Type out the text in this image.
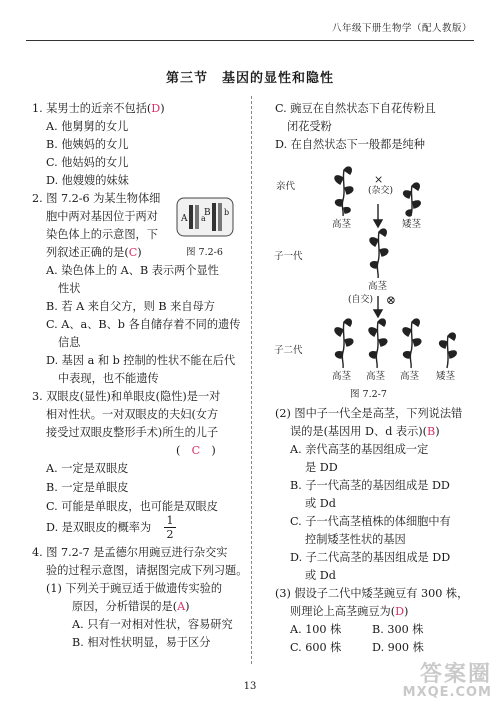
八年级下册生物学（配人教版）
第三节　基因的显性和隐性
1. 某男士的近亲不包括(D)
A. 他舅舅的女儿
B. 他姨妈的女儿
C. 他姑妈的女儿
D. 他嫂嫂的妹妹
2. 图 7.2-6 为某生物体细
胞中两对基因位于两对
染色体上的示意图，下
列叙述正确的是(C)
A a
B b
图 7.2-6
A. 染色体上的 A、B 表示两个显性
性状
B. 若 A 来自父方，则 B 来自母方
C. A、a、B、b 各自储存着不同的遗传
信息
D. 基因 a 和 b 控制的性状不能在后代
中表现，也不能遗传
3. 双眼皮(显性)和单眼皮(隐性)是一对
相对性状。一对双眼皮的夫妇(女方
接受过双眼皮整形手术)所生的儿子
(　 C　 )
A. 一定是双眼皮
B. 一定是单眼皮
C. 可能是单眼皮，也可能是双眼皮
D. 是双眼皮的概率为
1
2
4. 图 7.2-7 是孟德尔用豌豆进行杂交实
验的过程示意图，请据图完成下列习题。
(1) 下列关于豌豆适于做遗传实验的
原因，分析错误的是(A)
A. 只有一对相对性状，容易研究
B. 相对性状明显，易于区分
C. 豌豆在自然状态下自花传粉且
闭花受粉
D. 在自然状态下一般都是纯种
亲代
子一代
子二代
(杂交)
×
高茎	矮茎
高茎
(自交) ⊗
高茎 高茎 高茎 矮茎
图 7.2-7
(2) 图中子一代全是高茎，下列说法错
误的是(基因用 D、d 表示)(B)
A. 亲代高茎的基因组成一定
是 DD
B. 子一代高茎的基因组成是 DD
或 Dd
C. 子一代高茎植株的体细胞中有
控制矮茎性状的基因
D. 子二代高茎的基因组成是 DD
或 Dd
(3) 假设子二代中矮茎豌豆有 300 株，
则理论上高茎豌豆为(D)
A. 100 株	B. 300 株
C. 600 株	D. 900 株
13	答案圈
MXQE.COM
